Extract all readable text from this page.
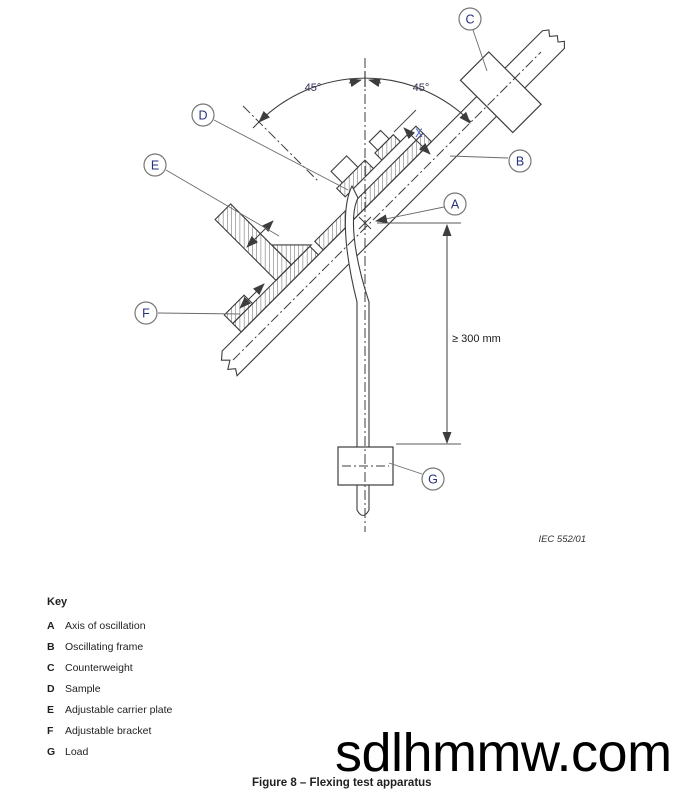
45°	45°
X
≥ 300 mm
A
B
C
D
E
F
G
IEC 552/01
Key
A Axis of oscillation
B Oscillating frame
C Counterweight
D Sample
E	Adjustable carrier plate
F	Adjustable bracket
G Load	sdlhmmw.com
Figure 8 – Flexing test apparatus
